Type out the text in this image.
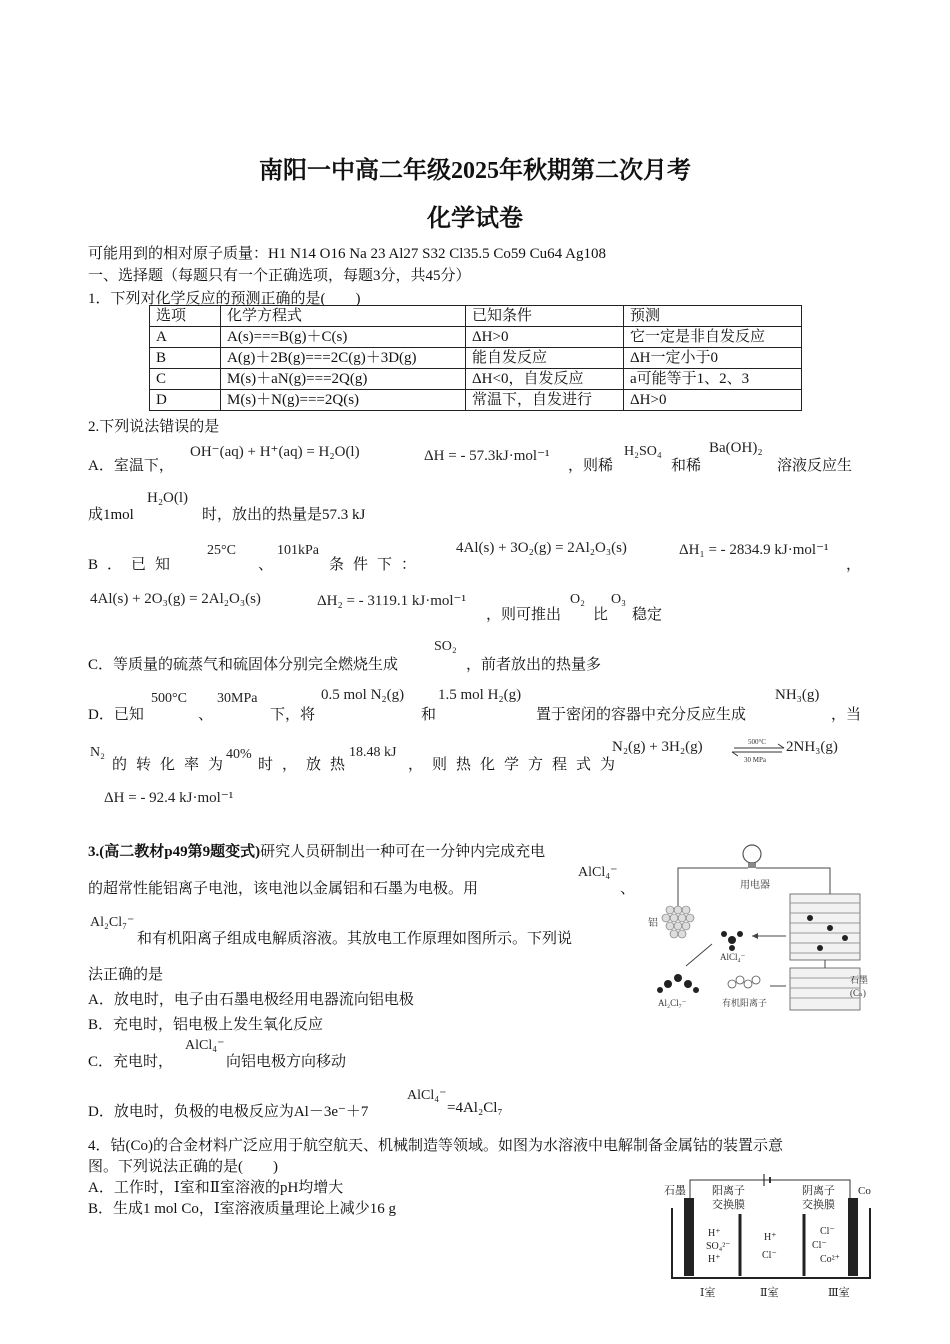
南阳一中高二年级2025年秋期第二次月考
化学试卷
可能用到的相对原子质量：H1 N14 O16 Na 23 Al27 S32 Cl35.5 Co59 Cu64 Ag108
一、选择题（每题只有一个正确选项，每题3分，共45分）
1．下列对化学反应的预测正确的是(　　)
选项	化学方程式	已知条件	预测
A	A(s)===B(g)＋C(s)	ΔH>0	它一定是非自发反应
B	A(g)＋2B(g)===2C(g)＋3D(g)	能自发反应	ΔH一定小于0
C	M(s)＋aN(g)===2Q(g)	ΔH<0，自发反应	a可能等于1、2、3
D	M(s)＋N(g)===2Q(s)	常温下，自发进行	ΔH>0
2.下列说法错误的是
A．室温下，
OH⁻(aq) + H⁺(aq) = H₂O(l)	ΔH = - 57.3kJ·mol⁻¹
，则稀
H₂SO₄
和稀
Ba(OH)₂
溶液反应生
成1mol
H₂O(l)
时，放出的热量是57.3 kJ
B．已知
25°C
、
101kPa
条件下：
4Al(s) + 3O₂(g) = 2Al₂O₃(s)	ΔH₁ = - 2834.9 kJ·mol⁻¹
，
4Al(s) + 2O₃(g) = 2Al₂O₃(s)	ΔH₂ = - 3119.1 kJ·mol⁻¹
，则可推出
O₂
比
O₃
稳定
C．等质量的硫蒸气和硫固体分别完全燃烧生成
SO₂
，前者放出的热量多
D．已知
500°C
、
30MPa
下，将
0.5 mol N₂(g)
和
1.5 mol H₂(g)
置于密闭的容器中充分反应生成
NH₃(g)
，当
N₂
的转化率为
40%
时，放热
18.48 kJ
，则热化学方程式为
N₂(g) + 3H₂(g)	500°C
30 MPa
2NH₃(g)
ΔH = - 92.4 kJ·mol⁻¹
3.(高二教材p49第9题变式)研究人员研制出一种可在一分钟内完成充电
的超常性能铝离子电池，该电池以金属铝和石墨为电极。用
AlCl₄⁻
、
Al₂Cl₇⁻
和有机阳离子组成电解质溶液。其放电工作原理如图所示。下列说
法正确的是
A．放电时，电子由石墨电极经用电器流向铝电极
B．充电时，铝电极上发生氧化反应
C．充电时，
AlCl₄⁻
向铝电极方向移动
D．放电时，负极的电极反应为Al－3e⁻＋7
AlCl₄⁻
=4Al₂Cl₇
用电器
铝
AlCl₄⁻
Al₂Cl₇⁻	有机阳离子
石墨
(Cₙ)
4．钴(Co)的合金材料广泛应用于航空航天、机械制造等领域。如图为水溶液中电解制备金属钴的装置示意
图。下列说法正确的是(　　)
A．工作时，Ⅰ室和Ⅱ室溶液的pH均增大
B．生成1 mol Co，Ⅰ室溶液质量理论上减少16 g
石墨 阳离子
交换膜
阴离子
交换膜
Co
H⁺
SO₄²⁻
H⁺
H⁺
Cl⁻
Cl⁻
Cl⁻
Co²⁺
Ⅰ室	Ⅱ室	Ⅲ室
